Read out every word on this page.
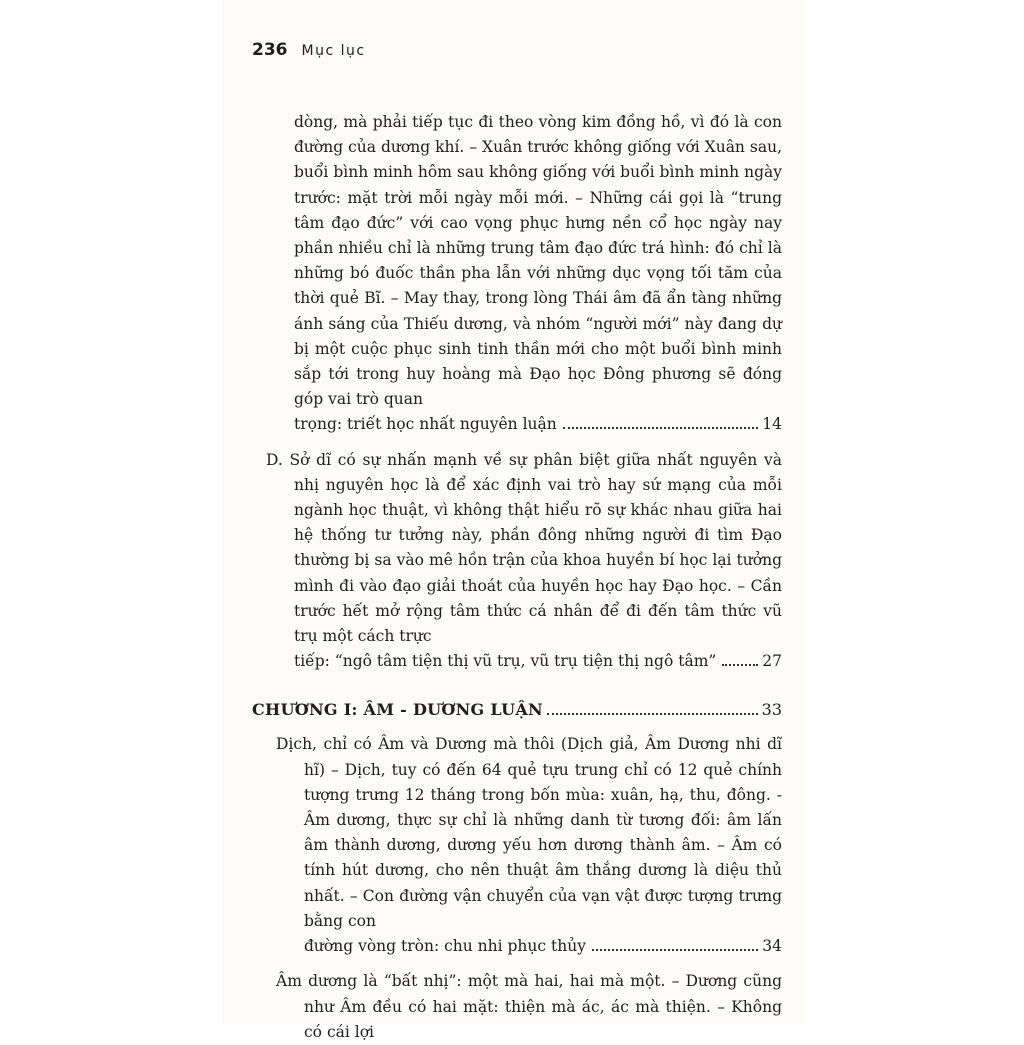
236 Mục lục
dòng, mà phải tiếp tục đi theo vòng kim đồng hồ, vì đó là con đường của dương khí. – Xuân trước không giống với Xuân sau, buổi bình minh hôm sau không giống với buổi bình minh ngày trước: mặt trời mỗi ngày mỗi mới. – Những cái gọi là “trung tâm đạo đức” với cao vọng phục hưng nền cổ học ngày nay phần nhiều chỉ là những trung tâm đạo đức trá hình: đó chỉ là những bó đuốc thần pha lẫn với những dục vọng tối tăm của thời quẻ Bĩ. – May thay, trong lòng Thái âm đã ẩn tàng những ánh sáng của Thiếu dương, và nhóm “người mới” này đang dự bị một cuộc phục sinh tinh thần mới cho một buổi bình minh sắp tới trong huy hoàng mà Đạo học Đông phương sẽ đóng góp vai trò quan
trọng: triết học nhất nguyên luận	14
D. Sở dĩ có sự nhấn mạnh về sự phân biệt giữa nhất nguyên và nhị nguyên học là để xác định vai trò hay sứ mạng của mỗi ngành học thuật, vì không thật hiểu rõ sự khác nhau giữa hai hệ thống tư tưởng này, phần đông những người đi tìm Đạo thường bị sa vào mê hồn trận của khoa huyền bí học lại tưởng mình đi vào đạo giải thoát của huyền học hay Đạo học. – Cần trước hết mở rộng tâm thức cá nhân để đi đến tâm thức vũ trụ một cách trực
tiếp: “ngô tâm tiện thị vũ trụ, vũ trụ tiện thị ngô tâm”	27
CHƯƠNG I: ÂM - DƯƠNG LUẬN	33
Dịch, chỉ có Âm và Dương mà thôi (Dịch giả, Âm Dương nhi dĩ hĩ) – Dịch, tuy có đến 64 quẻ tựu trung chỉ có 12 quẻ chính tượng trưng 12 tháng trong bốn mùa: xuân, hạ, thu, đông. - Âm dương, thực sự chỉ là những danh từ tương đối: âm lấn âm thành dương, dương yếu hơn dương thành âm. – Âm có tính hút dương, cho nên thuật âm thắng dương là diệu thủ nhất. – Con đường vận chuyển của vạn vật được tượng trưng bằng con
đường vòng tròn: chu nhi phục thủy	34
Âm dương là “bất nhị”: một mà hai, hai mà một. – Dương cũng như Âm đều có hai mặt: thiện mà ác, ác mà thiện. – Không có cái lợi
